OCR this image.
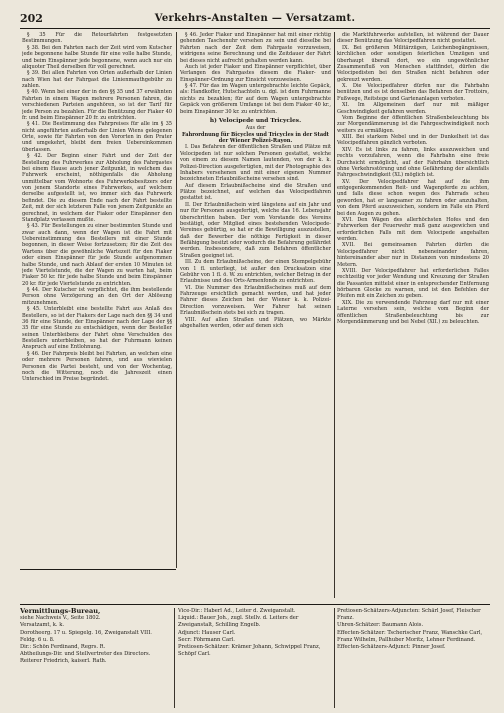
202	Verkehrs-Anstalten — Versatzamt.

§ 35 Für die Retourfahrten festgesetzten Bestimmungen.

§ 38. Bei den Fahrten nach der Zeit wird vom Kutscher jede begonnene halbe Stunde für eine volle halbe Stunde, und beim Einspänner jede begonnene, wenn auch nur ein aliquoter Theil derselben für voll gerechnet.

§ 39. Bei allen Fahrten von Orten außerhalb der Linien nach Wien hat der Fahrgast die Linienmauthgebühr zu zahlen.

§ 40. Wenn bei einer der in den §§ 35 und 37 erwähnten Fahrten in einem Wagen mehrere Personen fahren, die verschiedenen Parteien angehören, so ist der Tarif für jede Person zu bezahlen. Für die Benützung der Fiaker 40 fr. und beim Einspänner 20 fr. zu entrichten.

§ 41. Die Bestimmung des Fahrpreises für alle im § 35 nicht angeführten außerhalb der Linien Wiens gelegenen Orte, sowie für Fahrten von den Vororten in den Prater und umgekehrt, bleibt dem freien Uebereinkommen überlassen.

§ 42. Der Beginn einer Fahrt und der Zeit der Bestellung des Fuhrwerkes zur Abholung des Fahrgastes bei einem Hause auch jener Zeitpunkt, in welchem das Fuhrwerk erscheint, nöthigenfalls die Abholung unmittelbar vom Wohnorte des Fuhrwerksbesitzers oder von jenem Standorte eines Fuhrwerkes, auf welchem derselbe aufgestellt ist, wo immer sich das Fuhrwerk befindet. Die zu diesem Ende nach der Fahrt bestellte Zeit, mit der sich letzteren Falle von jenem Zeitpunkte an gerechnet, in welchem der Fiaker oder Einspänner den Standplatz verlassen mußte.

§ 43. Für Bestellungen zu einer bestimmten Stunde und zwar auch dann, wenn der Wagen ist die Fahrt mit Uebereinstimmung des Bestellers mit einer Stunde begonnen, in dieser Weise fortzusetzen; für die Zeit des Wartens über die gewöhnliche Wartezeit für den Fiaker oder einen Einspänner für jede Stunde aufgenommen halbe Stunde, und nach Ablauf der ersten 10 Minuten ist jede Viertelstunde, die der Wagen zu warten hat, beim Fiaker 50 kr. für jede halbe Stunde und beim Einspänner 20 kr. für jede Viertelstunde zu entrichten.

§ 44. Der Kutscher ist verpflichtet, die ihm bestellende Person ohne Verzögerung an den Ort der Ablösung mitzunehmen.

§ 45. Unterbleibt eine bestellte Fahrt aus Anlaß des Bestellers, so ist der Fiakers der Lage nach den §§ 34 und 36 für eine Stunde, der Einspänner nach der Lage der §§ 35 für eine Stunde zu entschädigen, wenn der Besteller seinen Unterbleibens der Fahrt ohne Verschulden des Bestellers unterbleiben, so hat der Fuhrmann keinen Anspruch auf eine Entlohnung.

§ 46. Der Fahrpreis bleibt bei Fahrten, an welchen eine oder mehrere Personen fahren, und aus wievielen Personen die Partei besteht, und von der Wochentag, noch die Witterung, noch die Jahreszeit einen Unterschied im Preise begründet.

§ 46. Jeder Fiaker und Einspänner hat mit einer richtig gehenden Taschenuhr versehen zu sein und dieselbe bei Fahrten nach der Zeit dem Fahrgaste vorzuweisen, widrigens seine Berechnung und die Zeitdauer der Fahrt bei dieses nicht aufrecht gehalten werden kann.

Auch ist jeder Fiaker und Einspänner verpflichtet, über Verlangen des Fahrgastes diesem die Fiaker- und Einspänner-Ordnung zur Einsicht vorzuweisen.

§ 47. Für das im Wagen untergebrachte leichte Gepäck, als: Handkoffer, Hutschachteln u. dgl. ist dem Fuhrmanne nichts zu bezahlen; für auf dem Wagen untergebrachte Gepäck von größerem Umfange ist bei dem Fiaker 40 kr., beim Einspänner 30 kr. zu entrichten.

h) Velocipede und Tricycles.

Aus der

Fahrordnung für Bicycles und Tricycles in der Stadt der Wiener Polizei-Rayon.

I. Das Befahren der öffentlichen Straßen und Plätze mit Velocipeden ist nur solchen Personen gestattet, welche von einem zu diesem Namen lautenden, von der k. k. Polizei-Direction ausgefertigten, mit der Photographie des Inhabers versehenen und mit einer eigenen Nummer bezeichneten Erlaubnißscheine versehen sind.

Auf diesem Erlaubnißscheine sind die Straßen und Plätze bezeichnet, auf welchen das Velocipedfahren gestattet ist.

II. Der Erlaubnißschein wird längstens auf ein Jahr und nur für Personen ausgefertigt, welche das 16. Lebensjahr überschritten haben. Der vom Vorstande des Vereins bestätigt, oder Mitglied eines bestehenden Velocipede-Vereines gebürtig, so hat er die Bewilligung auszustellen, daß der Bewerber die nöthige Fertigkeit in dieser Befähigung besitzt oder wodurch die Befahrung gefährdet werden. Insbesondere, daß zum Befahren öffentlicher Straßen geeignet ist.

III. Zu dem Erlaubnißscheine, der einen Stempelgebühr von 1 fl. unterliegt, ist außer den Drucksatzen eine Gebühr von 1 fl. ö. W. zu entrichten, welcher Betrag in der Erlaubnisse und des Orts-Armenfonds zu entrichten.

VI. Die Nummer des Erlaubnißscheines muß auf dem Fahrzeuge ersichtlich gemacht werden, und hat jeder Fahrer dieses Zeichen bei der Wiener k. k. Polizei-Direction vorzuweisen. Wer Fahrer hat seinen Erlaubnißschein stets bei sich zu tragen.

VIII. Auf allen Straßen und Plätzen, wo Märkte abgehalten werden, oder auf denen sich

die Marktfuhrwerke aufstellen, ist während der Dauer dieser Benützung das Velocipedfahren nicht gestattet.

IX. Bei größeren Militärzügen, Leichenbegängnissen, kirchlichen oder sonstigen feierlichen Umzügen und überhaupt überall dort, wo ein ungewöhnlicher Zusammenfluß von Menschen stattfindet, dürfen die Velocipedisten bei den Straßen nicht befahren oder gekreuzt werden.

X. Die Velocipedfahrer dürfen nur die Fahrbahn benützen und es ist denselben das Befahren der Trottoirs, Fußwege, Reitstege und Gartenanlagen verboten.

XI. Im Allgemeinen darf nur mit mäßiger Geschwindigkeit gefahren werden.

Vom Beginne der öffentlichen Straßenbeleuchtung bis zur Morgendämmerung ist die Fahrgeschwindigkeit noch weiters zu ermäßigen.

XIII. Bei starkem Nebel und in der Dunkelheit ist das Velocipedfahren gänzlich verboten.

XIV. Es ist links zu fahren, links auszuweichen und rechts vorzufahren, wenn die Fahrbahn eine freie Durchsicht ermöglicht, auf der Fahrbahn übersichtlich ohne Verkehrsstörung und ohne Gefährdung der allenfalls Fahrgeschwindigkeit (XL) möglich ist.

XV. Der Velocipedfahrer hat auf die ihm entgegenkommenden Reit- und Wagenpferde zu achten, und falls diese schon wegen des Fahrrads scheu geworden, hat er langsamer zu fahren oder anzuhalten, von dem Pferd auszuweichen, sondern im Falle ein Pferd bei den Augen zu gehen.

XVI. Den Wägen des allerhöchsten Hofes und den Fuhrwerken der Feuerwehr muß ganz ausgewichen und erforderlichen Falls mit dem Velocipede angehalten werden.

XVII. Bei gemeinsamen Fahrten dürfen die Velocipedfahrer nicht nebeneinander fahren, hintereinander aber nur in Distanzen von mindestens 20 Metern.

XVIII. Der Velocipedfahrer hat erforderlichen Falles rechtzeitig vor jeder Wendung und Kreuzung der Straßen die Passanten mittelst einer in entsprechender Entfernung hörbaren Glocke zu warnen, und ist den Befehlen der Pfeifen mit ein Zeichen zu geben.

XIX. Die zu verwendende Fahrzeug darf nur mit einer Laterne versehen sein, welche vom Beginn der öffentlichen Straßenbeleuchtung bis zur Morgendämmerung und bei Nebel (XII.) zu beleuchten.

Vermittlungs-Bureau,

siehe Nachweis V., Seite 1802.

Versatzamt, k. k.

Dorotheerg. 17 u. Spiegelg. 16, Zweiganstalt VIII. Feldg. 6 u. 8.

Dir.: Schön Ferdinand, Regrs. R.

Abtheilungs-Dir. und Stellvertreter des Directors.

Reiterer Friedrich, kaiserl. Rath.

Vice-Dir.: Haberl Ad., Leiter d. Zweiganstalt.

Liquid.: Bauer Joh., zugl. Stellv. d. Leiters der Zweiganstalt, Schilling Engelb.

Adjunct: Hauser Carl.

Secr: Föhrmann Carl.

Pretiosen-Schätzer: Krämer Johann, Schwippel Franz, Schöpf Carl.

Pretiosen-Schätzers-Adjuncten: Schärl Josef, Fleischer Franz.

Uhren-Schätzer: Baumann Alois.

Effecten-Schätzer: Tscherischer Franz, Wanschke Carl, Franz Wilhelm, Pallhuber Moritz, Lehner Ferdinand.

Effecten-Schätzers-Adjunct: Pinner Josef.
